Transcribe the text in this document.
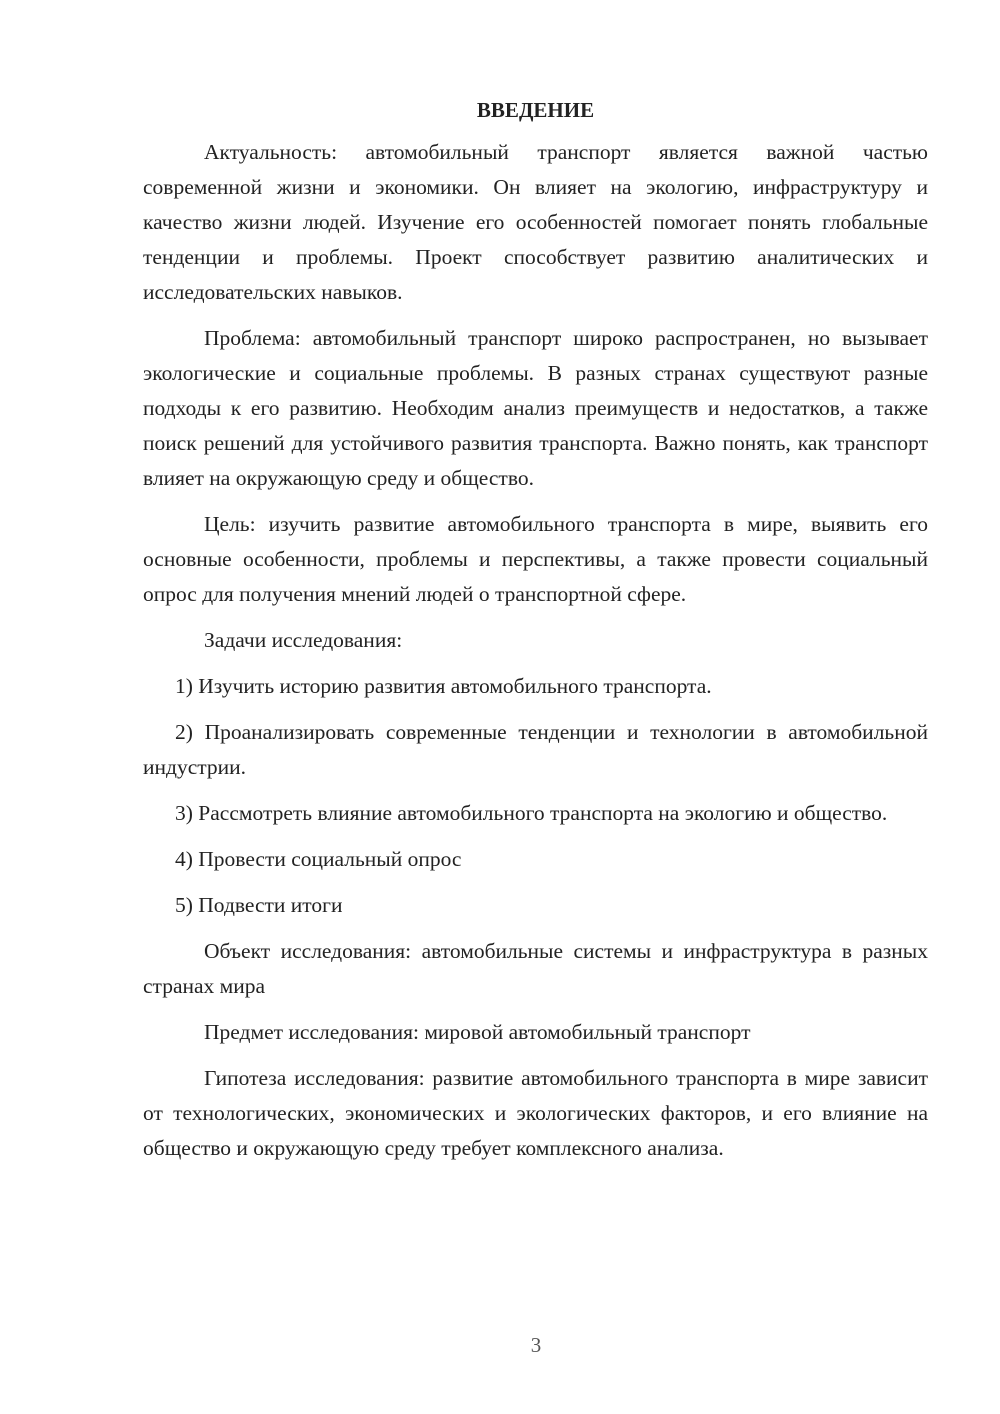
ВВЕДЕНИЕ

Актуальность: автомобильный транспорт является важной частью современной жизни и экономики. Он влияет на экологию, инфраструктуру и качество жизни людей. Изучение его особенностей помогает понять глобальные тенденции и проблемы. Проект способствует развитию аналитических и исследовательских навыков.

Проблема: автомобильный транспорт широко распространен, но вызывает экологические и социальные проблемы. В разных странах существуют разные подходы к его развитию. Необходим анализ преимуществ и недостатков, а также поиск решений для устойчивого развития транспорта. Важно понять, как транспорт влияет на окружающую среду и общество.

Цель: изучить развитие автомобильного транспорта в мире, выявить его основные особенности, проблемы и перспективы, а также провести социальный опрос для получения мнений людей о транспортной сфере.

Задачи исследования:

1) Изучить историю развития автомобильного транспорта.

2) Проанализировать современные тенденции и технологии в автомобильной индустрии.

3) Рассмотреть влияние автомобильного транспорта на экологию и общество.

4) Провести социальный опрос

5) Подвести итоги

Объект исследования: автомобильные системы и инфраструктура в разных странах мира

Предмет исследования: мировой автомобильный транспорт

Гипотеза исследования: развитие автомобильного транспорта в мире зависит от технологических, экономических и экологических факторов, и его влияние на общество и окружающую среду требует комплексного анализа.

3
